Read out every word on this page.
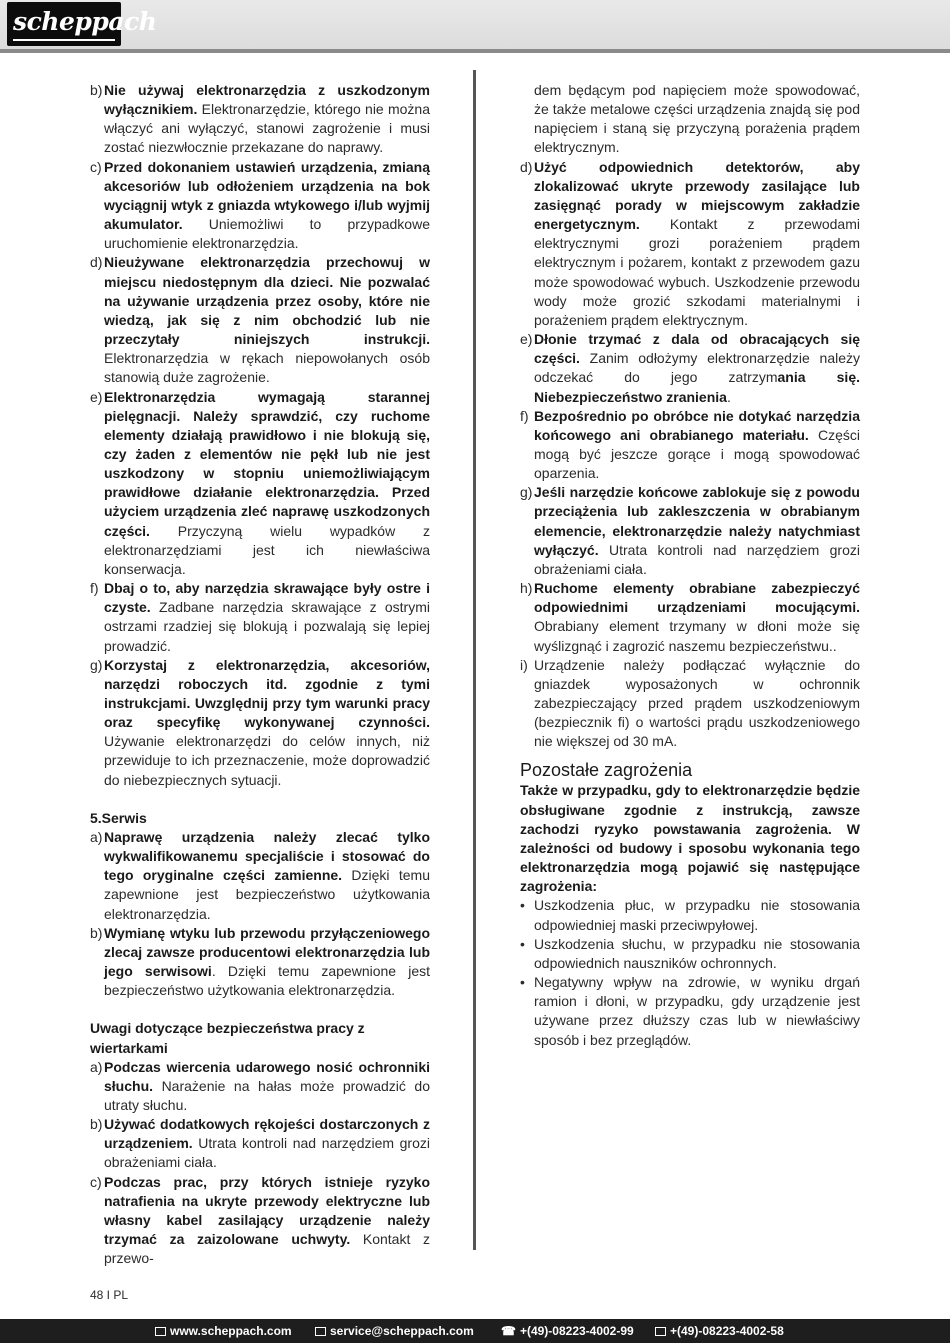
scheppach
b) Nie używaj elektronarzędzia z uszkodzonym wyłącznikiem. Elektronarzędzie, którego nie można włączyć ani wyłączyć, stanowi zagrożenie i musi zostać niezwłocznie przekazane do naprawy.
c) Przed dokonaniem ustawień urządzenia, zmianą akcesoriów lub odłożeniem urządzenia na bok wyciągnij wtyk z gniazda wtykowego i/lub wyjmij akumulator. Uniemożliwi to przypadkowe uruchomienie elektronarzędzia.
d) Nieużywane elektronarzędzia przechowuj w miejscu niedostępnym dla dzieci. Nie pozwalać na używanie urządzenia przez osoby, które nie wiedzą, jak się z nim obchodzić lub nie przeczytały niniejszych instrukcji. Elektronarzędzia w rękach niepowołanych osób stanowią duże zagrożenie.
e) Elektronarzędzia wymagają starannej pielęgnacji. Należy sprawdzić, czy ruchome elementy działają prawidłowo i nie blokują się, czy żaden z elementów nie pękł lub nie jest uszkodzony w stopniu uniemożliwiającym prawidłowe działanie elektronarzędzia. Przed użyciem urządzenia zleć naprawę uszkodzonych części. Przyczyną wielu wypadków z elektronarzędziami jest ich niewłaściwa konserwacja.
f) Dbaj o to, aby narzędzia skrawające były ostre i czyste. Zadbane narzędzia skrawające z ostrymi ostrzami rzadziej się blokują i pozwalają się lepiej prowadzić.
g) Korzystaj z elektronarzędzia, akcesoriów, narzędzi roboczych itd. zgodnie z tymi instrukcjami. Uwzględnij przy tym warunki pracy oraz specyfikę wykonywanej czynności. Używanie elektronarzędzi do celów innych, niż przewiduje to ich przeznaczenie, może doprowadzić do niebezpiecznych sytuacji.
5.Serwis
a) Naprawę urządzenia należy zlecać tylko wykwalifikowanemu specjaliście i stosować do tego oryginalne części zamienne. Dzięki temu zapewnione jest bezpieczeństwo użytkowania elektronarzędzia.
b) Wymianę wtyku lub przewodu przyłączeniowego zlecaj zawsze producentowi elektronarzędzia lub jego serwisowi. Dzięki temu zapewnione jest bezpieczeństwo użytkowania elektronarzędzia.
Uwagi dotyczące bezpieczeństwa pracy z wiertarkami
a) Podczas wiercenia udarowego nosić ochronniki słuchu. Narażenie na hałas może prowadzić do utraty słuchu.
b) Używać dodatkowych rękojeści dostarczonych z urządzeniem. Utrata kontroli nad narzędziem grozi obrażeniami ciała.
c) Podczas prac, przy których istnieje ryzyko natrafienia na ukryte przewody elektryczne lub własny kabel zasilający urządzenie należy trzymać za zaizolowane uchwyty. Kontakt z przewo-
dem będącym pod napięciem może spowodować, że także metalowe części urządzenia znajdą się pod napięciem i staną się przyczyną porażenia prądem elektrycznym.
d) Użyć odpowiednich detektorów, aby zlokalizować ukryte przewody zasilające lub zasięgnąć porady w miejscowym zakładzie energetycznym. Kontakt z przewodami elektrycznymi grozi porażeniem prądem elektrycznym i pożarem, kontakt z przewodem gazu może spowodować wybuch. Uszkodzenie przewodu wody może grozić szkodami materialnymi i porażeniem prądem elektrycznym.
e) Dłonie trzymać z dala od obracających się części. Zanim odłożymy elektronarzędzie należy odczekać do jego zatrzymania się. Niebezpieczeństwo zranienia.
f) Bezpośrednio po obróbce nie dotykać narzędzia końcowego ani obrabianego materiału. Części mogą być jeszcze gorące i mogą spowodować oparzenia.
g) Jeśli narzędzie końcowe zablokuje się z powodu przeciążenia lub zakleszczenia w obrabianym elemencie, elektronarzędzie należy natychmiast wyłączyć. Utrata kontroli nad narzędziem grozi obrażeniami ciała.
h) Ruchome elementy obrabiane zabezpieczyć odpowiednimi urządzeniami mocującymi. Obrabiany element trzymany w dłoni może się wyślizgnąć i zagrozić naszemu bezpieczeństwu..
i) Urządzenie należy podłączać wyłącznie do gniazdek wyposażonych w ochronnik zabezpieczający przed prądem uszkodzeniowym (bezpiecznik fi) o wartości prądu uszkodzeniowego nie większej od 30 mA.
Pozostałe zagrożenia
Także w przypadku, gdy to elektronarzędzie będzie obsługiwane zgodnie z instrukcją, zawsze zachodzi ryzyko powstawania zagrożenia. W zależności od budowy i sposobu wykonania tego elektronarzędzia mogą pojawić się następujące zagrożenia:
• Uszkodzenia płuc, w przypadku nie stosowania odpowiedniej maski przeciwpyłowej.
• Uszkodzenia słuchu, w przypadku nie stosowania odpowiednich nauszników ochronnych.
• Negatywny wpływ na zdrowie, w wyniku drgań ramion i dłoni, w przypadku, gdy urządzenie jest używane przez dłuższy czas lub w niewłaściwy sposób i bez przeglądów.
48 I PL
www.scheppach.com	service@scheppach.com ☎ +(49)-08223-4002-99	+(49)-08223-4002-58
